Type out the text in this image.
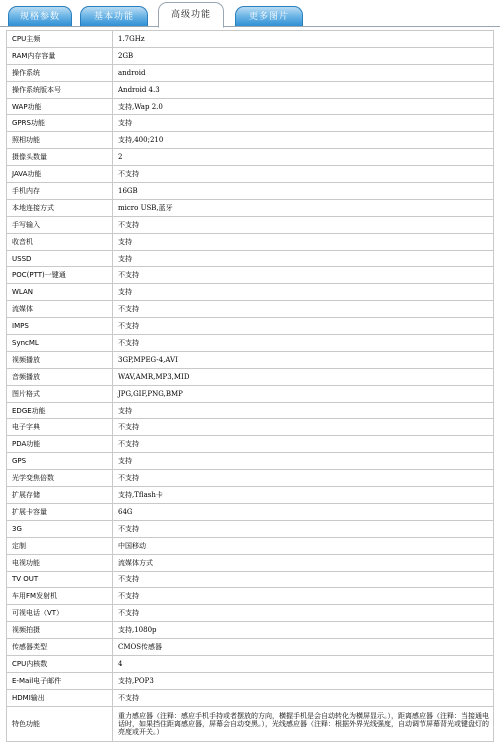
规格参数	基本功能	高级功能	更多图片
CPU主频	1.7GHz
RAM内存容量	2GB
操作系统	android
操作系统版本号	Android 4.3
WAP功能	支持,Wap 2.0
GPRS功能	支持
照相功能	支持,400;210
摄像头数量	2
JAVA功能	不支持
手机内存	16GB
本地连接方式	micro USB,蓝牙
手写输入	不支持
收音机	支持
USSD	支持
POC(PTT)一键通	不支持
WLAN	支持
流媒体	不支持
IMPS	不支持
SyncML	不支持
视频播放	3GP,MPEG-4,AVI
音频播放	WAV,AMR,MP3,MID
图片格式	JPG,GIF,PNG,BMP
EDGE功能	支持
电子字典	不支持
PDA功能	不支持
GPS	支持
光学变焦倍数	不支持
扩展存储	支持,Tflash卡
扩展卡容量	64G
3G	不支持
定制	中国移动
电视功能	流媒体方式
TV OUT	不支持
车用FM发射机	不支持
可视电话（VT）	不支持
视频拍摄	支持,1080p
传感器类型	CMOS传感器
CPU内核数	4
E-Mail电子邮件	支持,POP3
HDMI输出	不支持
特色功能	重力感应器（注释：感应手机手持或者摆放的方向，横握手机是会自动转化为横屏显示。），距离感应器（注释：当接通电话时，如果挡住距离感应器，屏幕会自动变黑。），光线感应器（注释：根据外界光线强度，自动调节屏幕背光或键盘灯的亮度或开关。）
